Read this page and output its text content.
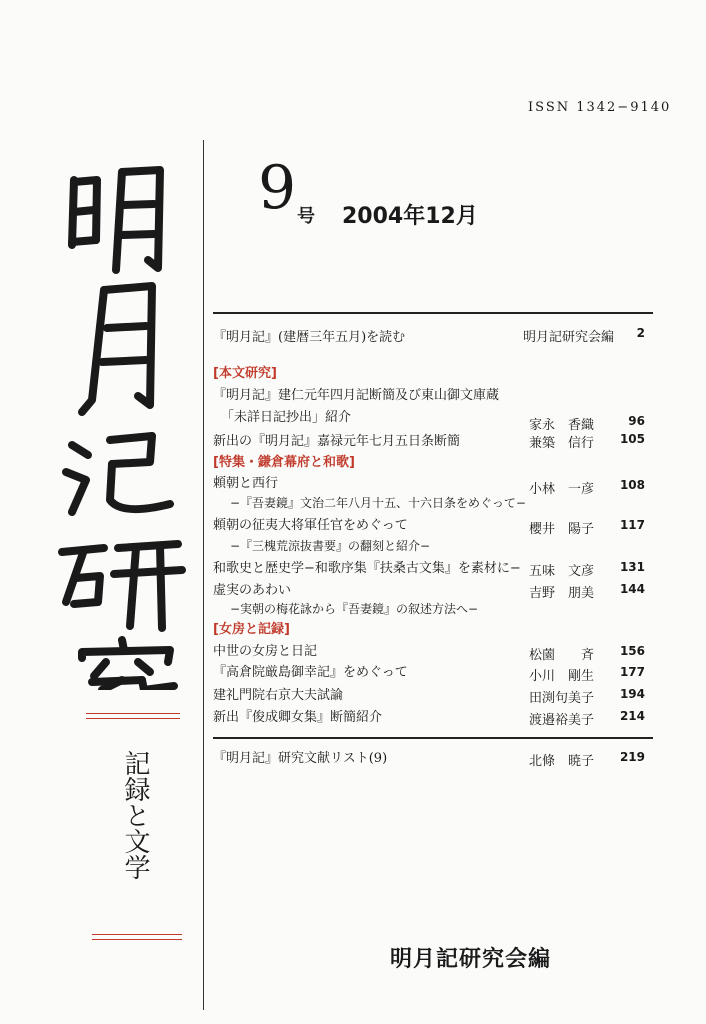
ISSN 1342−9140
9 号 2004年12月
『明月記』(建暦三年五月)を読む	明月記研究会編 2
[本文研究]
『明月記』建仁元年四月記断簡及び東山御文庫蔵
「未詳日記抄出」紹介
家永　香織	96
新出の『明月記』嘉禄元年七月五日条断簡	兼築　信行 105
[特集・鎌倉幕府と和歌]
頼朝と西行	小林　一彦 108
−『吾妻鏡』文治二年八月十五、十六日条をめぐって−
頼朝の征夷大将軍任官をめぐって	櫻井　陽子 117
−『三槐荒涼抜書要』の翻刻と紹介−
和歌史と歴史学−和歌序集『扶桑古文集』を素材に− 五味　文彦 131
虚実のあわい	吉野　朋美 144
−実朝の梅花詠から『吾妻鏡』の叙述方法へ−
[女房と記録]
中世の女房と日記	松薗　　斉 156
『高倉院厳島御幸記』をめぐって	小川　剛生 177
建礼門院右京大夫試論	田渕句美子 194
新出『俊成卿女集』断簡紹介	渡邉裕美子 214
『明月記』研究文献リスト(9)	北條　暁子 219
記録と文学
明月記研究会編
